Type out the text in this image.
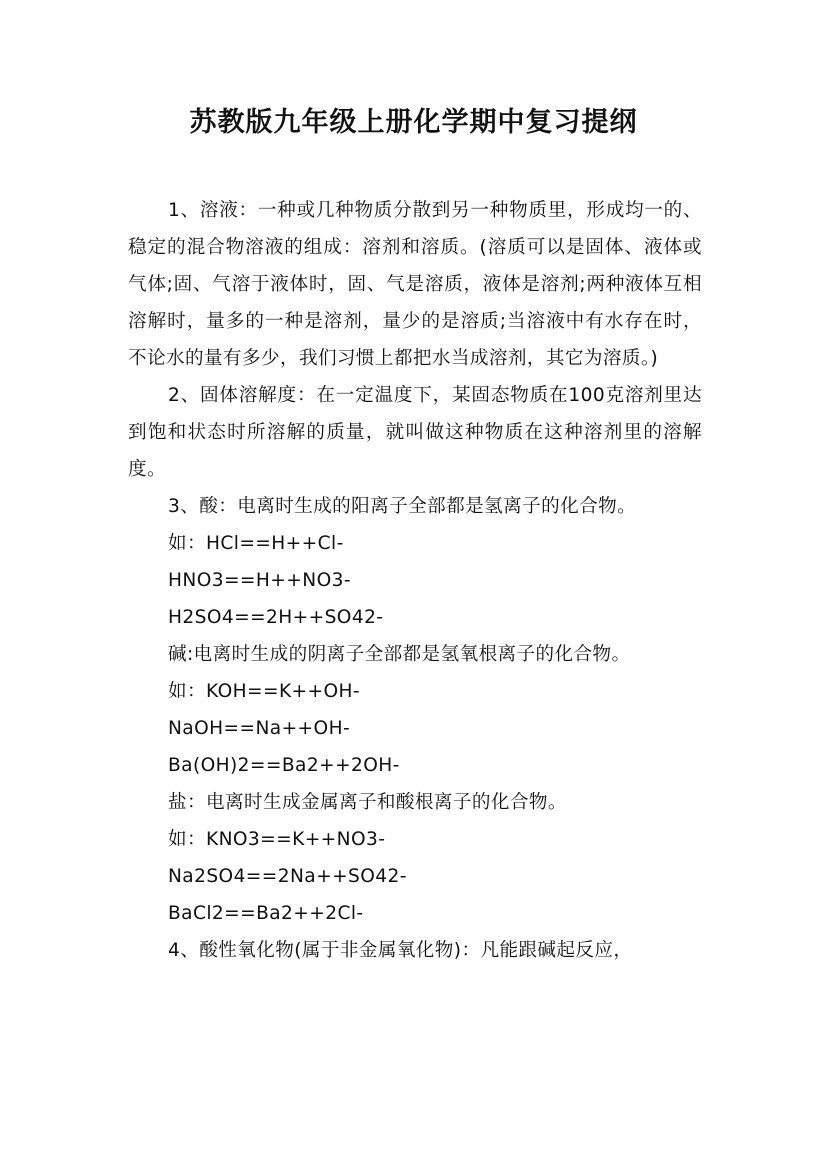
苏教版九年级上册化学期中复习提纲

1、溶液：一种或几种物质分散到另一种物质里，形成均一的、稳定的混合物溶液的组成：溶剂和溶质。(溶质可以是固体、液体或气体;固、气溶于液体时，固、气是溶质，液体是溶剂;两种液体互相溶解时，量多的一种是溶剂，量少的是溶质;当溶液中有水存在时，不论水的量有多少，我们习惯上都把水当成溶剂，其它为溶质。)

2、固体溶解度：在一定温度下，某固态物质在100克溶剂里达到饱和状态时所溶解的质量，就叫做这种物质在这种溶剂里的溶解度。

3、酸：电离时生成的阳离子全部都是氢离子的化合物。

如：HCl==H++Cl-

HNO3==H++NO3-

H2SO4==2H++SO42-

碱:电离时生成的阴离子全部都是氢氧根离子的化合物。

如：KOH==K++OH-

NaOH==Na++OH-

Ba(OH)2==Ba2++2OH-

盐：电离时生成金属离子和酸根离子的化合物。

如：KNO3==K++NO3-

Na2SO4==2Na++SO42-

BaCl2==Ba2++2Cl-

4、酸性氧化物(属于非金属氧化物)：凡能跟碱起反应，
